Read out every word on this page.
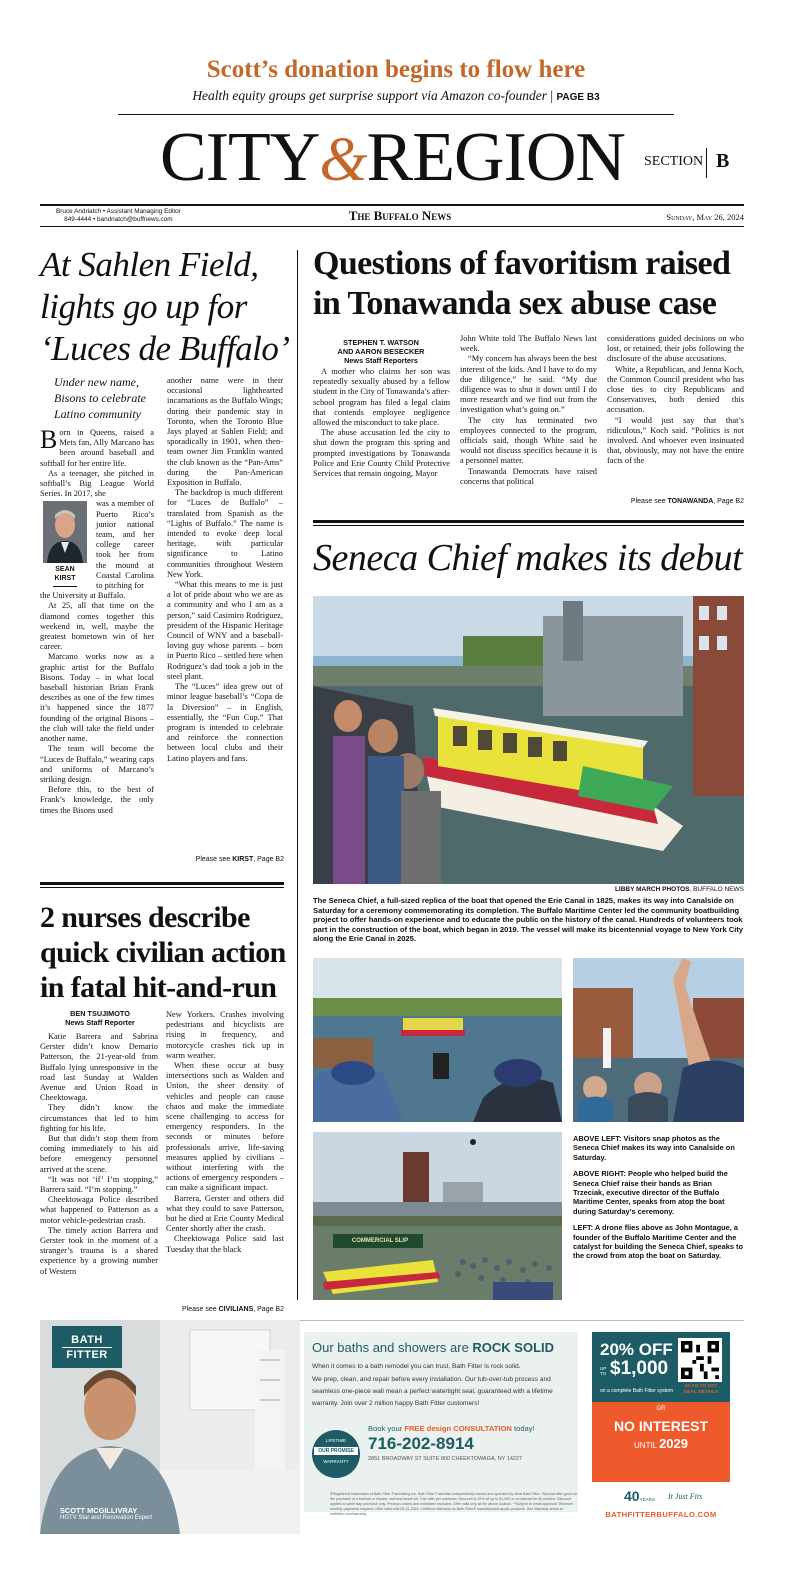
Scott’s donation begins to flow here
Health equity groups get surprise support via Amazon co-founder | PAGE B3
CITY&REGION	SECTION B
Bruce Andriatch • Assistant Managing Editor
849-4444 • bandriatch@buffnews.com	The Buffalo News	Sunday, May 26, 2024
At Sahlen Field, lights go up for ‘Luces de Buffalo’
Under new name, Bisons to celebrate Latino community

Born in Queens, raised a Mets fan, Ally Marcano has been around baseball and softball for her entire life.

As a teenager, she pitched in softball’s Big League World Series. In 2017, she

SEAN KIRST

was a member of Puerto Rico’s junior national team, and her college career took her from the mound at Coastal Carolina to pitching for

the University at Buffalo.

At 25, all that time on the diamond comes together this weekend in, well, maybe the greatest hometown win of her career.

Marcano works now as a graphic artist for the Buffalo Bisons. Today – in what local baseball historian Brian Frank describes as one of the few times it’s happened since the 1877 founding of the original Bisons – the club will take the field under another name.

The team will become the “Luces de Buffalo,” wearing caps and uniforms of Marcano’s striking design.

Before this, to the best of Frank’s knowledge, the only times the Bisons used

another name were in their occasional lighthearted incarnations as the Buffalo Wings; during their pandemic stay in Toronto, when the Toronto Blue Jays played at Sahlen Field; and sporadically in 1901, when then-team owner Jim Franklin wanted the club known as the “Pan-Ams” during the Pan-American Exposition in Buffalo.

The backdrop is much different for “Luces de Buffalo” – translated from Spanish as the “Lights of Buffalo.” The name is intended to evoke deep local heritage, with particular significance to Latino communities throughout Western New York.

“What this means to me is just a lot of pride about who we are as a community and who I am as a person,” said Casimiro Rodriguez, president of the Hispanic Heritage Council of WNY and a baseball-loving guy whose parents – born in Puerto Rico – settled here when Rodriguez’s dad took a job in the steel plant.

The “Luces” idea grew out of minor league baseball’s “Copa de la Diversion” – in English, essentially, the “Fun Cup.” That program is intended to celebrate and reinforce the connection between local clubs and their Latino players and fans.

Please see KIRST, Page B2
2 nurses describe quick civilian action in fatal hit-and-run
BEN TSUJIMOTO
News Staff Reporter

Katie Barrera and Sabrina Gerster didn’t know Demario Patterson, the 21-year-old from Buffalo lying unresponsive in the road last Sunday at Walden Avenue and Union Road in Cheektowaga.

They didn’t know the circumstances that led to him fighting for his life.

But that didn’t stop them from coming immediately to his aid before emergency personnel arrived at the scene.

“It was not ‘if’ I’m stopping,” Barrera said. “I’m stopping.”

Cheektowaga Police described what happened to Patterson as a motor vehicle-pedestrian crash.

The timely action Barrera and Gerster took in the moment of a stranger’s trauma is a shared experience by a growing number of Western

New Yorkers. Crashes involving pedestrians and bicyclists are rising in frequency, and motorcycle crashes tick up in warm weather.

When these occur at busy intersections such as Walden and Union, the sheer density of vehicles and people can cause chaos and make the immediate scene challenging to access for emergency responders. In the seconds or minutes before professionals arrive, life-saving measures applied by civilians – without interfering with the actions of emergency responders – can make a significant impact.

Barrera, Gerster and others did what they could to save Patterson, but he died at Erie County Medical Center shortly after the crash.

Cheektowaga Police said last Tuesday that the black

Please see CIVILIANS, Page B2
Questions of favoritism raised in Tonawanda sex abuse case
STEPHEN T. WATSON
AND AARON BESECKER
News Staff Reporters

A mother who claims her son was repeatedly sexually abused by a fellow student in the City of Tonawanda’s after-school program has filed a legal claim that contends employee negligence allowed the misconduct to take place.

The abuse accusation led the city to shut down the program this spring and prompted investigations by Tonawanda Police and Erie County Child Protective Services that remain ongoing, Mayor

John White told The Buffalo News last week.

“My concern has always been the best interest of the kids. And I have to do my due diligence,” he said. “My due diligence was to shut it down until I do more research and we find out from the investigation what’s going on.”

The city has terminated two employees connected to the program, officials said, though White said he would not discuss specifics because it is a personnel matter.

Tonawanda Democrats have raised concerns that political

considerations guided decisions on who lost, or retained, their jobs following the disclosure of the abuse accusations.

White, a Republican, and Jenna Koch, the Common Council president who has close ties to city Republicans and Conservatives, both denied this accusation.

“I would just say that that’s ridiculous,” Koch said. “Politics is not involved. And whoever even insinuated that, obviously, may not have the entire facts of the

Please see TONAWANDA, Page B2
Seneca Chief makes its debut
LIBBY MARCH PHOTOS, BUFFALO NEWS
The Seneca Chief, a full-sized replica of the boat that opened the Erie Canal in 1825, makes its way into Canalside on Saturday for a ceremony commemorating its completion. The Buffalo Maritime Center led the community boatbuilding project to offer hands-on experience and to educate the public on the history of the canal. Hundreds of volunteers took part in the construction of the boat, which began in 2019. The vessel will make its bicentennial voyage to New York City along the Erie Canal in 2025.
COMMERCIAL SLIP

ABOVE LEFT: Visitors snap photos as the Seneca Chief makes its way into Canalside on Saturday.

ABOVE RIGHT: People who helped build the Seneca Chief raise their hands as Brian Trzeciak, executive director of the Buffalo Maritime Center, speaks from atop the boat during Saturday’s ceremony.

LEFT: A drone flies above as John Montague, a founder of the Buffalo Maritime Center and the catalyst for building the Seneca Chief, speaks to the crowd from atop the boat on Saturday.

BATH
FITTER
SCOTT MCGILLIVRAY
HGTV Star and Renovation Expert
Our baths and showers are ROCK SOLID
When it comes to a bath remodel you can trust, Bath Fitter is rock solid.
We prep, clean, and repair before every installation. Our tub-over-tub process and seamless one-piece wall mean a perfect watertight seal, guaranteed with a lifetime warranty. Join over 2 million happy Bath Fitter customers!
LIFETIME
OUR PROMISE
WARRANTY
Book your FREE design CONSULTATION today!
716-202-8914
2851 BROADWAY ST SUITE 800 CHEEKTOWAGA, NY 14227
20% OFF
UP TO $1,000
on a complete Bath Fitter system
SCAN TO GET DEAL DETAILS
OR
NO INTEREST
UNTIL 2029
®Registered trademarks of Bath Fitter Franchising Inc. Bath Fitter Franchise independently owned and operated by Ideal Bath Fitter. *Special offer good on the purchase of a bathtub or shower, wall and faucet kit. One offer per customer. Discount is 20% off up to $1,000 or no interest for 60 months. Discount applies to same day purchase only. Previous orders and estimates excluded. Offer valid only at the above location. **Subject to credit approval. Minimum monthly payments required. Offer valid until 05-31-2024. †Lifetime Warranty on Bath Fitter® manufactured acrylic products. See Warranty terms at bathfitter.com/warranty.
40YEARS It Just Fits
BATHFITTERBUFFALO.COM
